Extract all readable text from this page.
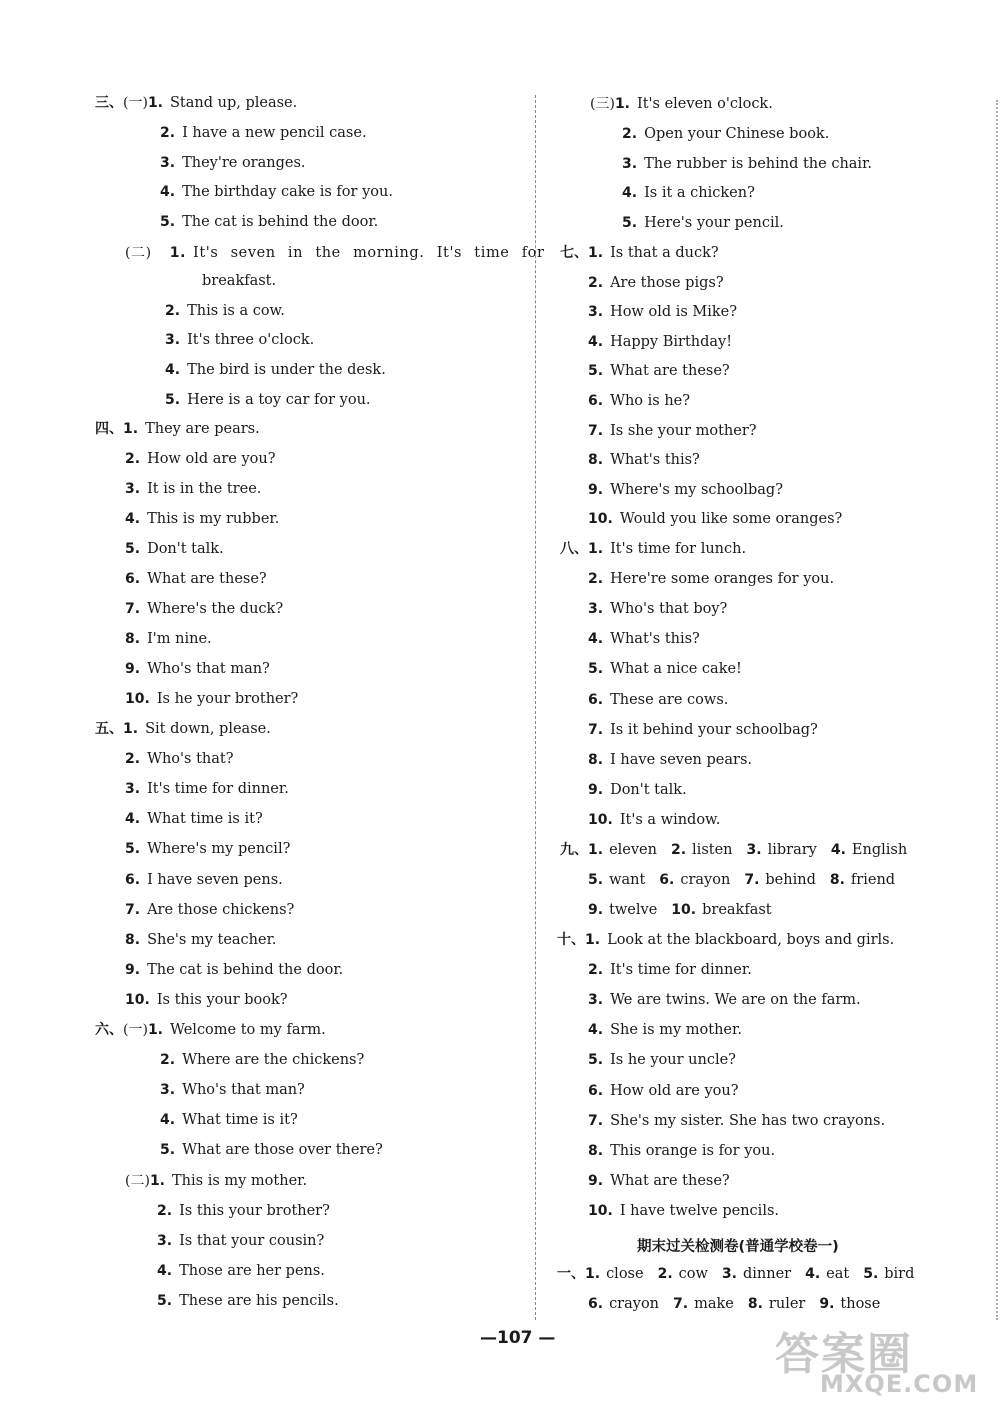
三、(一)1. Stand up, please.
2. I have a new pencil case.
3. They're oranges.
4. The birthday cake is for you.
5. The cat is behind the door.
(二) 1. It's seven in the morning. It's time for
breakfast.
2. This is a cow.
3. It's three o'clock.
4. The bird is under the desk.
5. Here is a toy car for you.
四、1. They are pears.
2. How old are you?
3. It is in the tree.
4. This is my rubber.
5. Don't talk.
6. What are these?
7. Where's the duck?
8. I'm nine.
9. Who's that man?
10. Is he your brother?
五、1. Sit down, please.
2. Who's that?
3. It's time for dinner.
4. What time is it?
5. Where's my pencil?
6. I have seven pens.
7. Are those chickens?
8. She's my teacher.
9. The cat is behind the door.
10. Is this your book?
六、(一)1. Welcome to my farm.
2. Where are the chickens?
3. Who's that man?
4. What time is it?
5. What are those over there?
(二)1. This is my mother.
2. Is this your brother?
3. Is that your cousin?
4. Those are her pens.
5. These are his pencils.
(三)1. It's eleven o'clock.
2. Open your Chinese book.
3. The rubber is behind the chair.
4. Is it a chicken?
5. Here's your pencil.
七、1. Is that a duck?
2. Are those pigs?
3. How old is Mike?
4. Happy Birthday!
5. What are these?
6. Who is he?
7. Is she your mother?
8. What's this?
9. Where's my schoolbag?
10. Would you like some oranges?
八、1. It's time for lunch.
2. Here're some oranges for you.
3. Who's that boy?
4. What's this?
5. What a nice cake!
6. These are cows.
7. Is it behind your schoolbag?
8. I have seven pears.
9. Don't talk.
10. It's a window.
九、1. eleven 2. listen 3. library 4. English
5. want 6. crayon 7. behind 8. friend
9. twelve 10. breakfast
十、1. Look at the blackboard, boys and girls.
2. It's time for dinner.
3. We are twins. We are on the farm.
4. She is my mother.
5. Is he your uncle?
6. How old are you?
7. She's my sister. She has two crayons.
8. This orange is for you.
9. What are these?
10. I have twelve pencils.
一、1. close 2. cow 3. dinner 4. eat 5. bird
6. crayon 7. make 8. ruler 9. those
期末过关检测卷(普通学校卷一)
—107 —	答案圈
MXQE.COM
